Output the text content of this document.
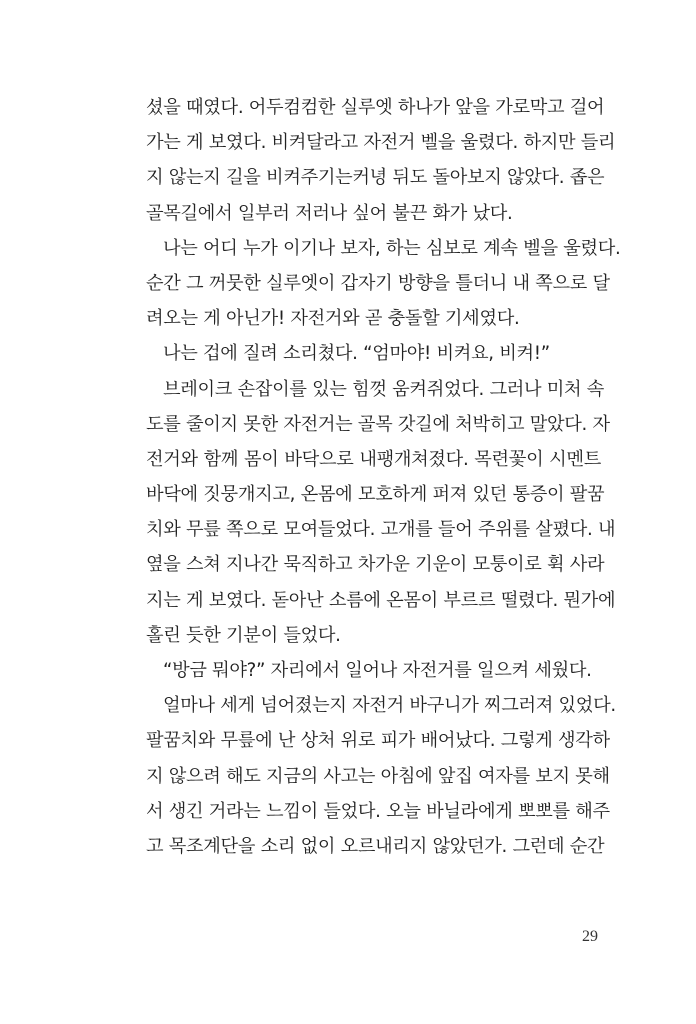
셨을 때였다. 어두컴컴한 실루엣 하나가 앞을 가로막고 걸어
가는 게 보였다. 비켜달라고 자전거 벨을 울렸다. 하지만 들리
지 않는지 길을 비켜주기는커녕 뒤도 돌아보지 않았다. 좁은
골목길에서 일부러 저러나 싶어 불끈 화가 났다.
나는 어디 누가 이기나 보자, 하는 심보로 계속 벨을 울렸다.
순간 그 꺼뭇한 실루엣이 갑자기 방향을 틀더니 내 쪽으로 달
려오는 게 아닌가! 자전거와 곧 충돌할 기세였다.
나는 겁에 질려 소리쳤다. “엄마야! 비켜요, 비켜!”
브레이크 손잡이를 있는 힘껏 움켜쥐었다. 그러나 미처 속
도를 줄이지 못한 자전거는 골목 갓길에 처박히고 말았다. 자
전거와 함께 몸이 바닥으로 내팽개쳐졌다. 목련꽃이 시멘트
바닥에 짓뭉개지고, 온몸에 모호하게 퍼져 있던 통증이 팔꿈
치와 무릎 쪽으로 모여들었다. 고개를 들어 주위를 살폈다. 내
옆을 스쳐 지나간 묵직하고 차가운 기운이 모퉁이로 휙 사라
지는 게 보였다. 돋아난 소름에 온몸이 부르르 떨렸다. 뭔가에
홀린 듯한 기분이 들었다.
“방금 뭐야?” 자리에서 일어나 자전거를 일으켜 세웠다.
얼마나 세게 넘어졌는지 자전거 바구니가 찌그러져 있었다.
팔꿈치와 무릎에 난 상처 위로 피가 배어났다. 그렇게 생각하
지 않으려 해도 지금의 사고는 아침에 앞집 여자를 보지 못해
서 생긴 거라는 느낌이 들었다. 오늘 바닐라에게 뽀뽀를 해주
고 목조계단을 소리 없이 오르내리지 않았던가. 그런데 순간
29
